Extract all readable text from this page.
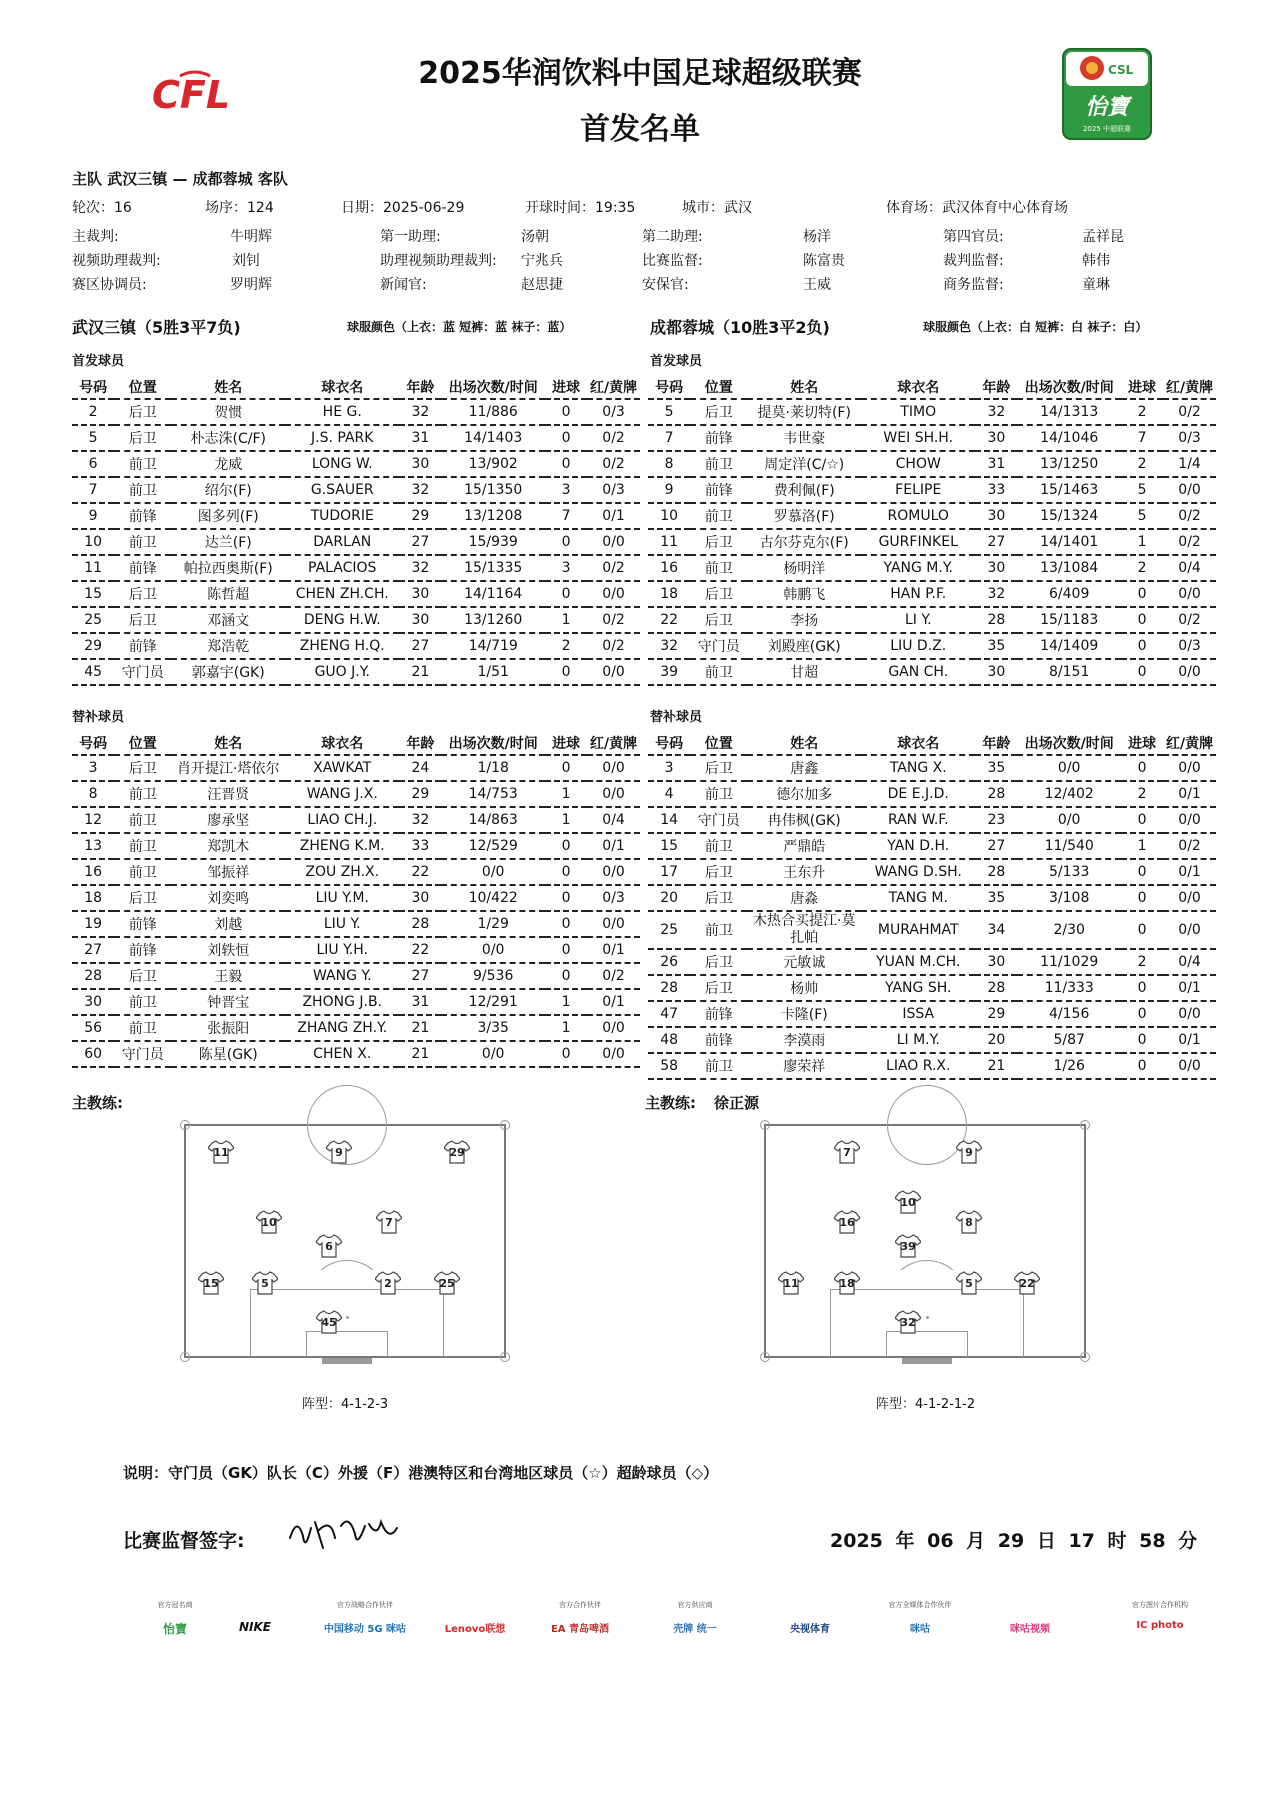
CFL	2025华润饮料中国足球超级联赛
首发名单
CSL
怡寶
2025 中超联赛
主队 武汉三镇 — 成都蓉城 客队
轮次：16	场序：124	日期：2025-06-29	开球时间：19:35	城市：武汉	体育场：武汉体育中心体育场
主裁判:	牛明辉	第一助理:	汤朝	第二助理:	杨洋	第四官员:	孟祥昆
视频助理裁判:	刘钊	助理视频助理裁判: 宁兆兵	比赛监督:	陈富贵	裁判监督:	韩伟
赛区协调员:	罗明辉	新闻官:	赵思捷	安保官:	王威	商务监督:	童琳
武汉三镇（5胜3平7负)	球服颜色（上衣：蓝 短裤：蓝 袜子：蓝）	成都蓉城（10胜3平2负)	球服颜色（上衣：白 短裤：白 袜子：白）
首发球员	首发球员
号码	位置	姓名	球衣名	年龄	出场次数/时间	进球	红/黄牌
2	后卫	贺惯	HE G.	32	11/886	0	0/3
5	后卫	朴志洙(C/F)	J.S. PARK	31	14/1403	0	0/2
6	前卫	龙威	LONG W.	30	13/902	0	0/2
7	前卫	绍尔(F)	G.SAUER	32	15/1350	3	0/3
9	前锋	图多列(F)	TUDORIE	29	13/1208	7	0/1
10	前卫	达兰(F)	DARLAN	27	15/939	0	0/0
11	前锋	帕拉西奥斯(F)	PALACIOS	32	15/1335	3	0/2
15	后卫	陈哲超	CHEN ZH.CH.	30	14/1164	0	0/0
25	后卫	邓涵文	DENG H.W.	30	13/1260	1	0/2
29	前锋	郑浩乾	ZHENG H.Q.	27	14/719	2	0/2
45	守门员	郭嘉宇(GK)	GUO J.Y.	21	1/51	0	0/0
号码	位置	姓名	球衣名	年龄	出场次数/时间	进球	红/黄牌
5	后卫	提莫·莱切特(F)	TIMO	32	14/1313	2	0/2
7	前锋	韦世豪	WEI SH.H.	30	14/1046	7	0/3
8	前卫	周定洋(C/☆)	CHOW	31	13/1250	2	1/4
9	前锋	费利佩(F)	FELIPE	33	15/1463	5	0/0
10	前卫	罗慕洛(F)	ROMULO	30	15/1324	5	0/2
11	后卫	古尔芬克尔(F)	GURFINKEL	27	14/1401	1	0/2
16	前卫	杨明洋	YANG M.Y.	30	13/1084	2	0/4
18	后卫	韩鹏飞	HAN P.F.	32	6/409	0	0/0
22	后卫	李扬	LI Y.	28	15/1183	0	0/2
32	守门员	刘殿座(GK)	LIU D.Z.	35	14/1409	0	0/3
39	前卫	甘超	GAN CH.	30	8/151	0	0/0
替补球员	替补球员
号码	位置	姓名	球衣名	年龄	出场次数/时间	进球	红/黄牌
3	后卫	肖开提江·塔依尔	XAWKAT	24	1/18	0	0/0
8	前卫	汪晋贤	WANG J.X.	29	14/753	1	0/0
12	前卫	廖承坚	LIAO CH.J.	32	14/863	1	0/4
13	前卫	郑凯木	ZHENG K.M.	33	12/529	0	0/1
16	前卫	邹振祥	ZOU ZH.X.	22	0/0	0	0/0
18	后卫	刘奕鸣	LIU Y.M.	30	10/422	0	0/3
19	前锋	刘越	LIU Y.	28	1/29	0	0/0
27	前锋	刘轶恒	LIU Y.H.	22	0/0	0	0/1
28	后卫	王毅	WANG Y.	27	9/536	0	0/2
30	前卫	钟晋宝	ZHONG J.B.	31	12/291	1	0/1
56	前卫	张振阳	ZHANG ZH.Y.	21	3/35	1	0/0
60	守门员	陈星(GK)	CHEN X.	21	0/0	0	0/0
号码	位置	姓名	球衣名	年龄	出场次数/时间	进球	红/黄牌
3	后卫	唐鑫	TANG X.	35	0/0	0	0/0
4	前卫	德尔加多	DE E.J.D.	28	12/402	2	0/1
14	守门员	冉伟枫(GK)	RAN W.F.	23	0/0	0	0/0
15	前卫	严鼎皓	YAN D.H.	27	11/540	1	0/2
17	后卫	王东升	WANG D.SH.	28	5/133	0	0/1
20	后卫	唐淼	TANG M.	35	3/108	0	0/0
25	前卫	木热合买提江·莫扎帕	MURAHMAT	34	2/30	0	0/0
26	后卫	元敏诚	YUAN M.CH.	30	11/1029	2	0/4
28	后卫	杨帅	YANG SH.	28	11/333	0	0/1
47	前锋	卡隆(F)	ISSA	29	4/156	0	0/0
48	前锋	李漠雨	LI M.Y.	20	5/87	0	0/1
58	前卫	廖荣祥	LIAO R.X.	21	1/26	0	0/0
主教练:	主教练: 徐正源
11	9	29
10	7
6
15	5	2	25
45
阵型：4-1-2-3
7	9
10
16	8
39
11	18	5	22
32
阵型：4-1-2-1-2
说明：守门员（GK）队长（C）外援（F）港澳特区和台湾地区球员（☆）超龄球员（◇）
比赛监督签字:	2025 年 06 月 29 日 17 时 58 分
官方冠名商
怡寶	NIKE
官方战略合作伙伴
中国移动 5G 咪咕	Lenovo联想
官方合作伙伴
EA 青岛啤酒
官方供应商
壳牌 统一	央视体育
官方全媒体合作伙伴
咪咕	咪咕视频
官方图片合作机构
IC photo
